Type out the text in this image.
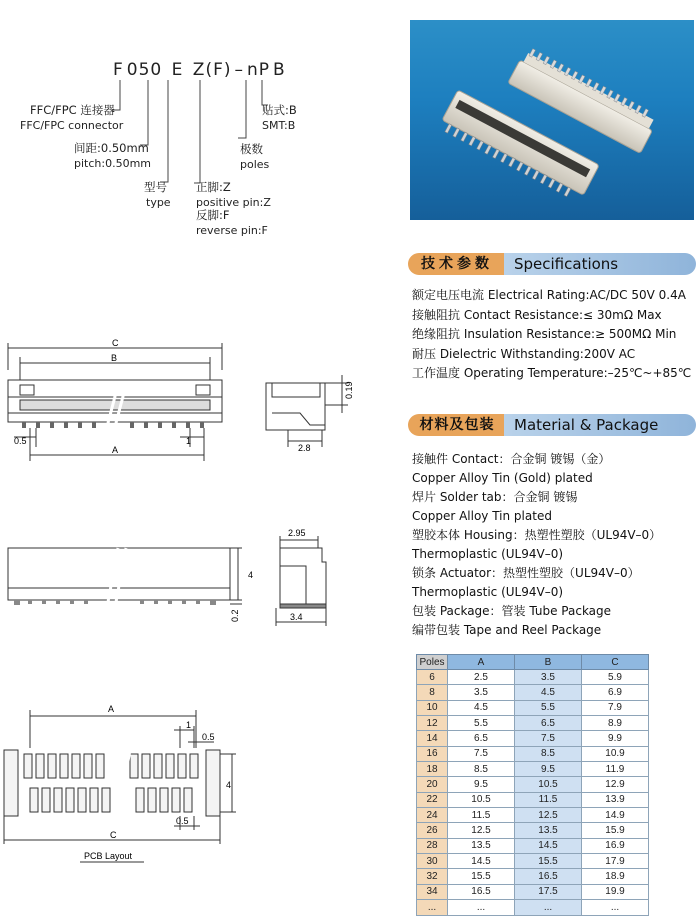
F 050 E Z(F) – nP B
FFC/FPC 连接器
FFC/FPC connector
间距:0.50mm
pitch:0.50mm
型号
type
正脚:Z
positive pin:Z
反脚:F
reverse pin:F
极数
poles
贴式:B
SMT:B
C
B
0.5	1
A	2.8
0.19
2.95
4
0.2	3.4
A
1
0.5
4
0.5
C
PCB Layout
技术参数	Specifications
额定电压电流 Electrical Rating:AC/DC 50V 0.4A
接触阻抗 Contact Resistance:≤ 30mΩ Max
绝缘阻抗 Insulation Resistance:≥ 500MΩ Min
耐压 Dielectric Withstanding:200V AC
工作温度 Operating Temperature:–25℃~+85℃
材料及包装	Material & Package
接触件 Contact：合金铜 镀锡（金）
Copper Alloy Tin (Gold) plated
焊片 Solder tab：合金铜 镀锡
Copper Alloy Tin plated
塑胶本体 Housing：热塑性塑胶（UL94V–0）
Thermoplastic (UL94V–0)
锁条 Actuator：热塑性塑胶（UL94V–0）
Thermoplastic (UL94V–0)
包装 Package：管装 Tube Package
编带包装 Tape and Reel Package
Poles	A	B	C
6	2.5	3.5	5.9
8	3.5	4.5	6.9
10	4.5	5.5	7.9
12	5.5	6.5	8.9
14	6.5	7.5	9.9
16	7.5	8.5	10.9
18	8.5	9.5	11.9
20	9.5	10.5	12.9
22	10.5	11.5	13.9
24	11.5	12.5	14.9
26	12.5	13.5	15.9
28	13.5	14.5	16.9
30	14.5	15.5	17.9
32	15.5	16.5	18.9
34	16.5	17.5	19.9
...	...	...	...
